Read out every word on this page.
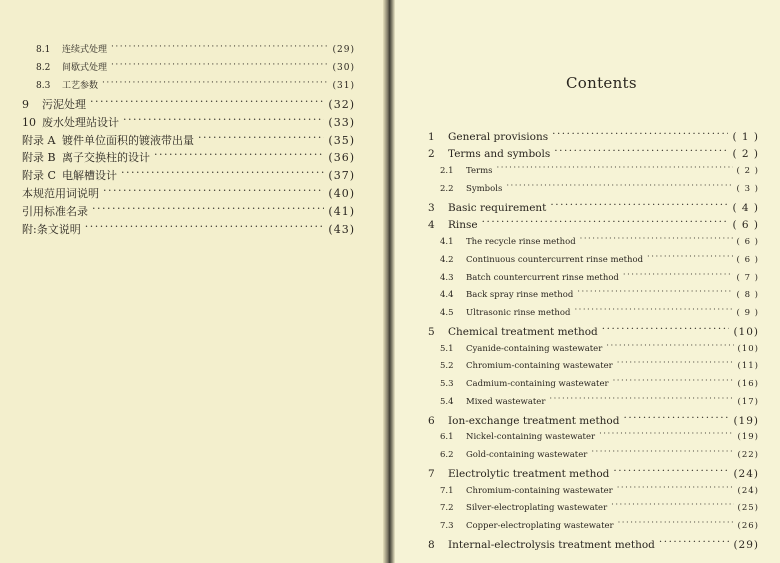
Contents
8.1	连续式处理 ·····	(29)
8.2	间歇式处理 ·····	(30)
8.3	工艺参数 ·····	(31)
9	污泥处理 ·····	(32)
10 废水处理站设计 ·····	(33)
附录 A 镀件单位面积的镀液带出量 ·····	(35)
附录 B 离子交换柱的设计 ·····	(36)
附录 C 电解槽设计 ·····	(37)
本规范用词说明 ·····	(40)
引用标准名录 ·····	(41)
附:条文说明 ·····	(43)
1	General provisions ·····	( 1 )
2	Terms and symbols ·····	( 2 )
2.1	Terms ·····	( 2 )
2.2	Symbols ·····	( 3 )
3	Basic requirement ·····	( 4 )
4	Rinse ·····	( 6 )
4.1	The recycle rinse method ·····	( 6 )
4.2	Continuous countercurrent rinse method ·····	( 6 )
4.3	Batch countercurrent rinse method ·····	( 7 )
4.4	Back spray rinse method ·····	( 8 )
4.5	Ultrasonic rinse method ·····	( 9 )
5	Chemical treatment method ·····	(10)
5.1	Cyanide-containing wastewater ·····	(10)
5.2	Chromium-containing wastewater ·····	(11)
5.3	Cadmium-containing wastewater ·····	(16)
5.4	Mixed wastewater ·····	(17)
6	Ion-exchange treatment method ·····	(19)
6.1	Nickel-containing wastewater ·····	(19)
6.2	Gold-containing wastewater ·····	(22)
7	Electrolytic treatment method ·····	(24)
7.1	Chromium-containing wastewater ·····	(24)
7.2	Silver-electroplating wastewater ·····	(25)
7.3	Copper-electroplating wastewater ·····	(26)
8	Internal-electrolysis treatment method ·····	(29)
